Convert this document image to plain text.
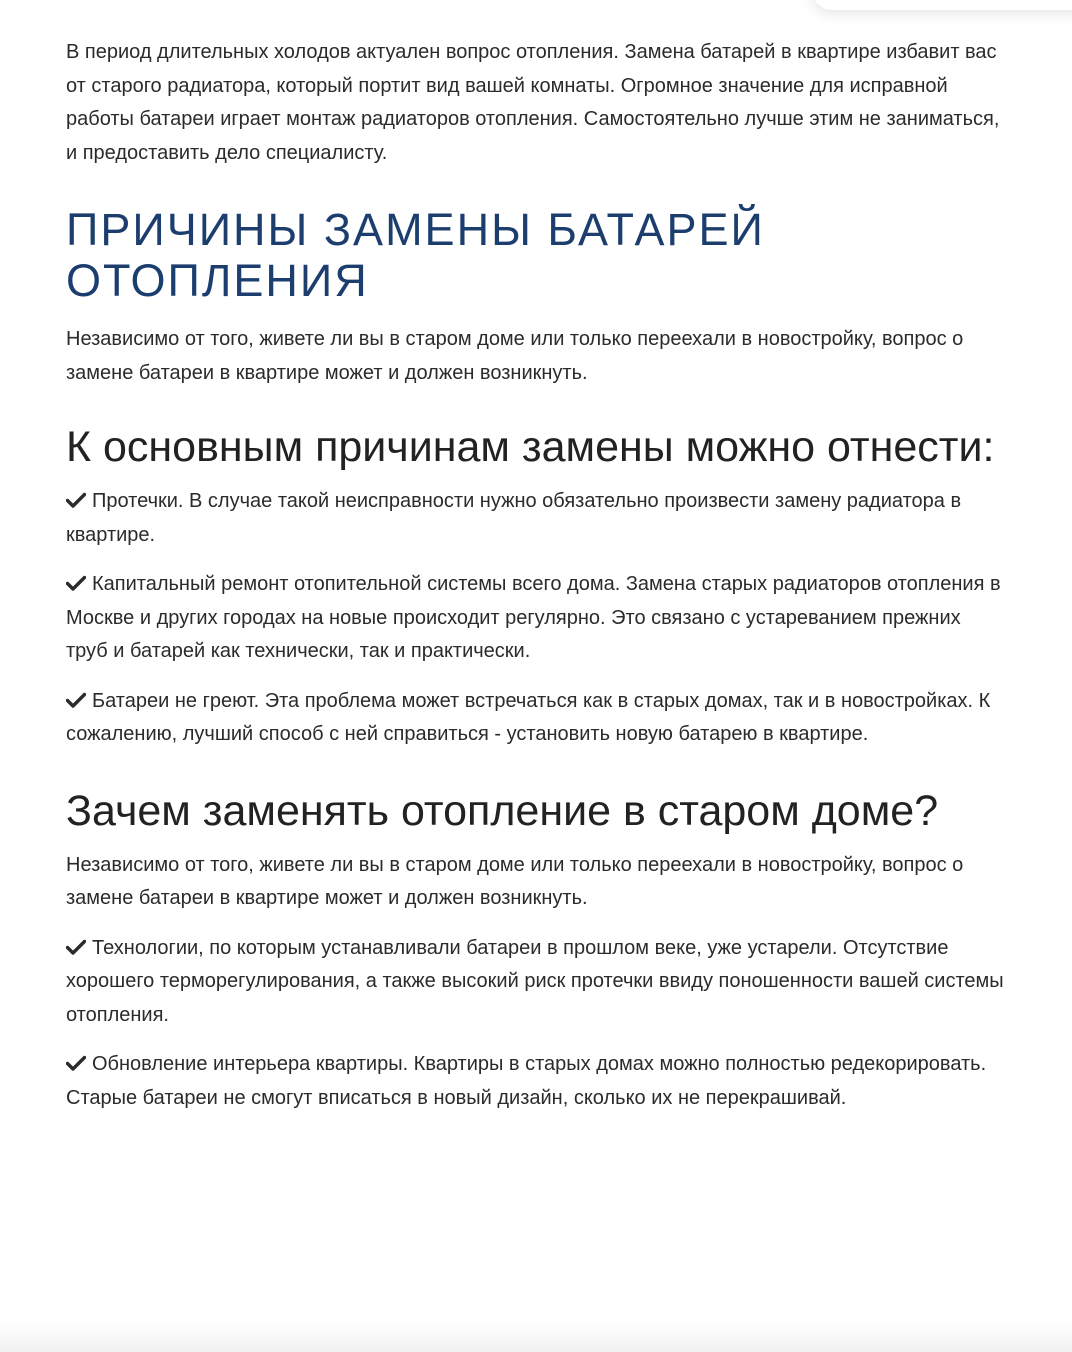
В период длительных холодов актуален вопрос отопления. Замена батарей в квартире избавит вас от старого радиатора, который портит вид вашей комнаты. Огромное значение для исправной работы батареи играет монтаж радиаторов отопления. Самостоятельно лучше этим не заниматься, и предоставить дело специалисту.

ПРИЧИНЫ ЗАМЕНЫ БАТАРЕЙ ОТОПЛЕНИЯ

Независимо от того, живете ли вы в старом доме или только переехали в новостройку, вопрос о замене батареи в квартире может и должен возникнуть.

К основным причинам замены можно отнести:

Протечки. В случае такой неисправности нужно обязательно произвести замену радиатора в квартире.

Капитальный ремонт отопительной системы всего дома. Замена старых радиаторов отопления в Москве и других городах на новые происходит регулярно. Это связано с устареванием прежних труб и батарей как технически, так и практически.

Батареи не греют. Эта проблема может встречаться как в старых домах, так и в новостройках. К сожалению, лучший способ с ней справиться - установить новую батарею в квартире.

Зачем заменять отопление в старом доме?

Независимо от того, живете ли вы в старом доме или только переехали в новостройку, вопрос о замене батареи в квартире может и должен возникнуть.

Технологии, по которым устанавливали батареи в прошлом веке, уже устарели. Отсутствие хорошего терморегулирования, а также высокий риск протечки ввиду поношенности вашей системы отопления.

Обновление интерьера квартиры. Квартиры в старых домах можно полностью редекорировать. Старые батареи не смогут вписаться в новый дизайн, сколько их не перекрашивай.
